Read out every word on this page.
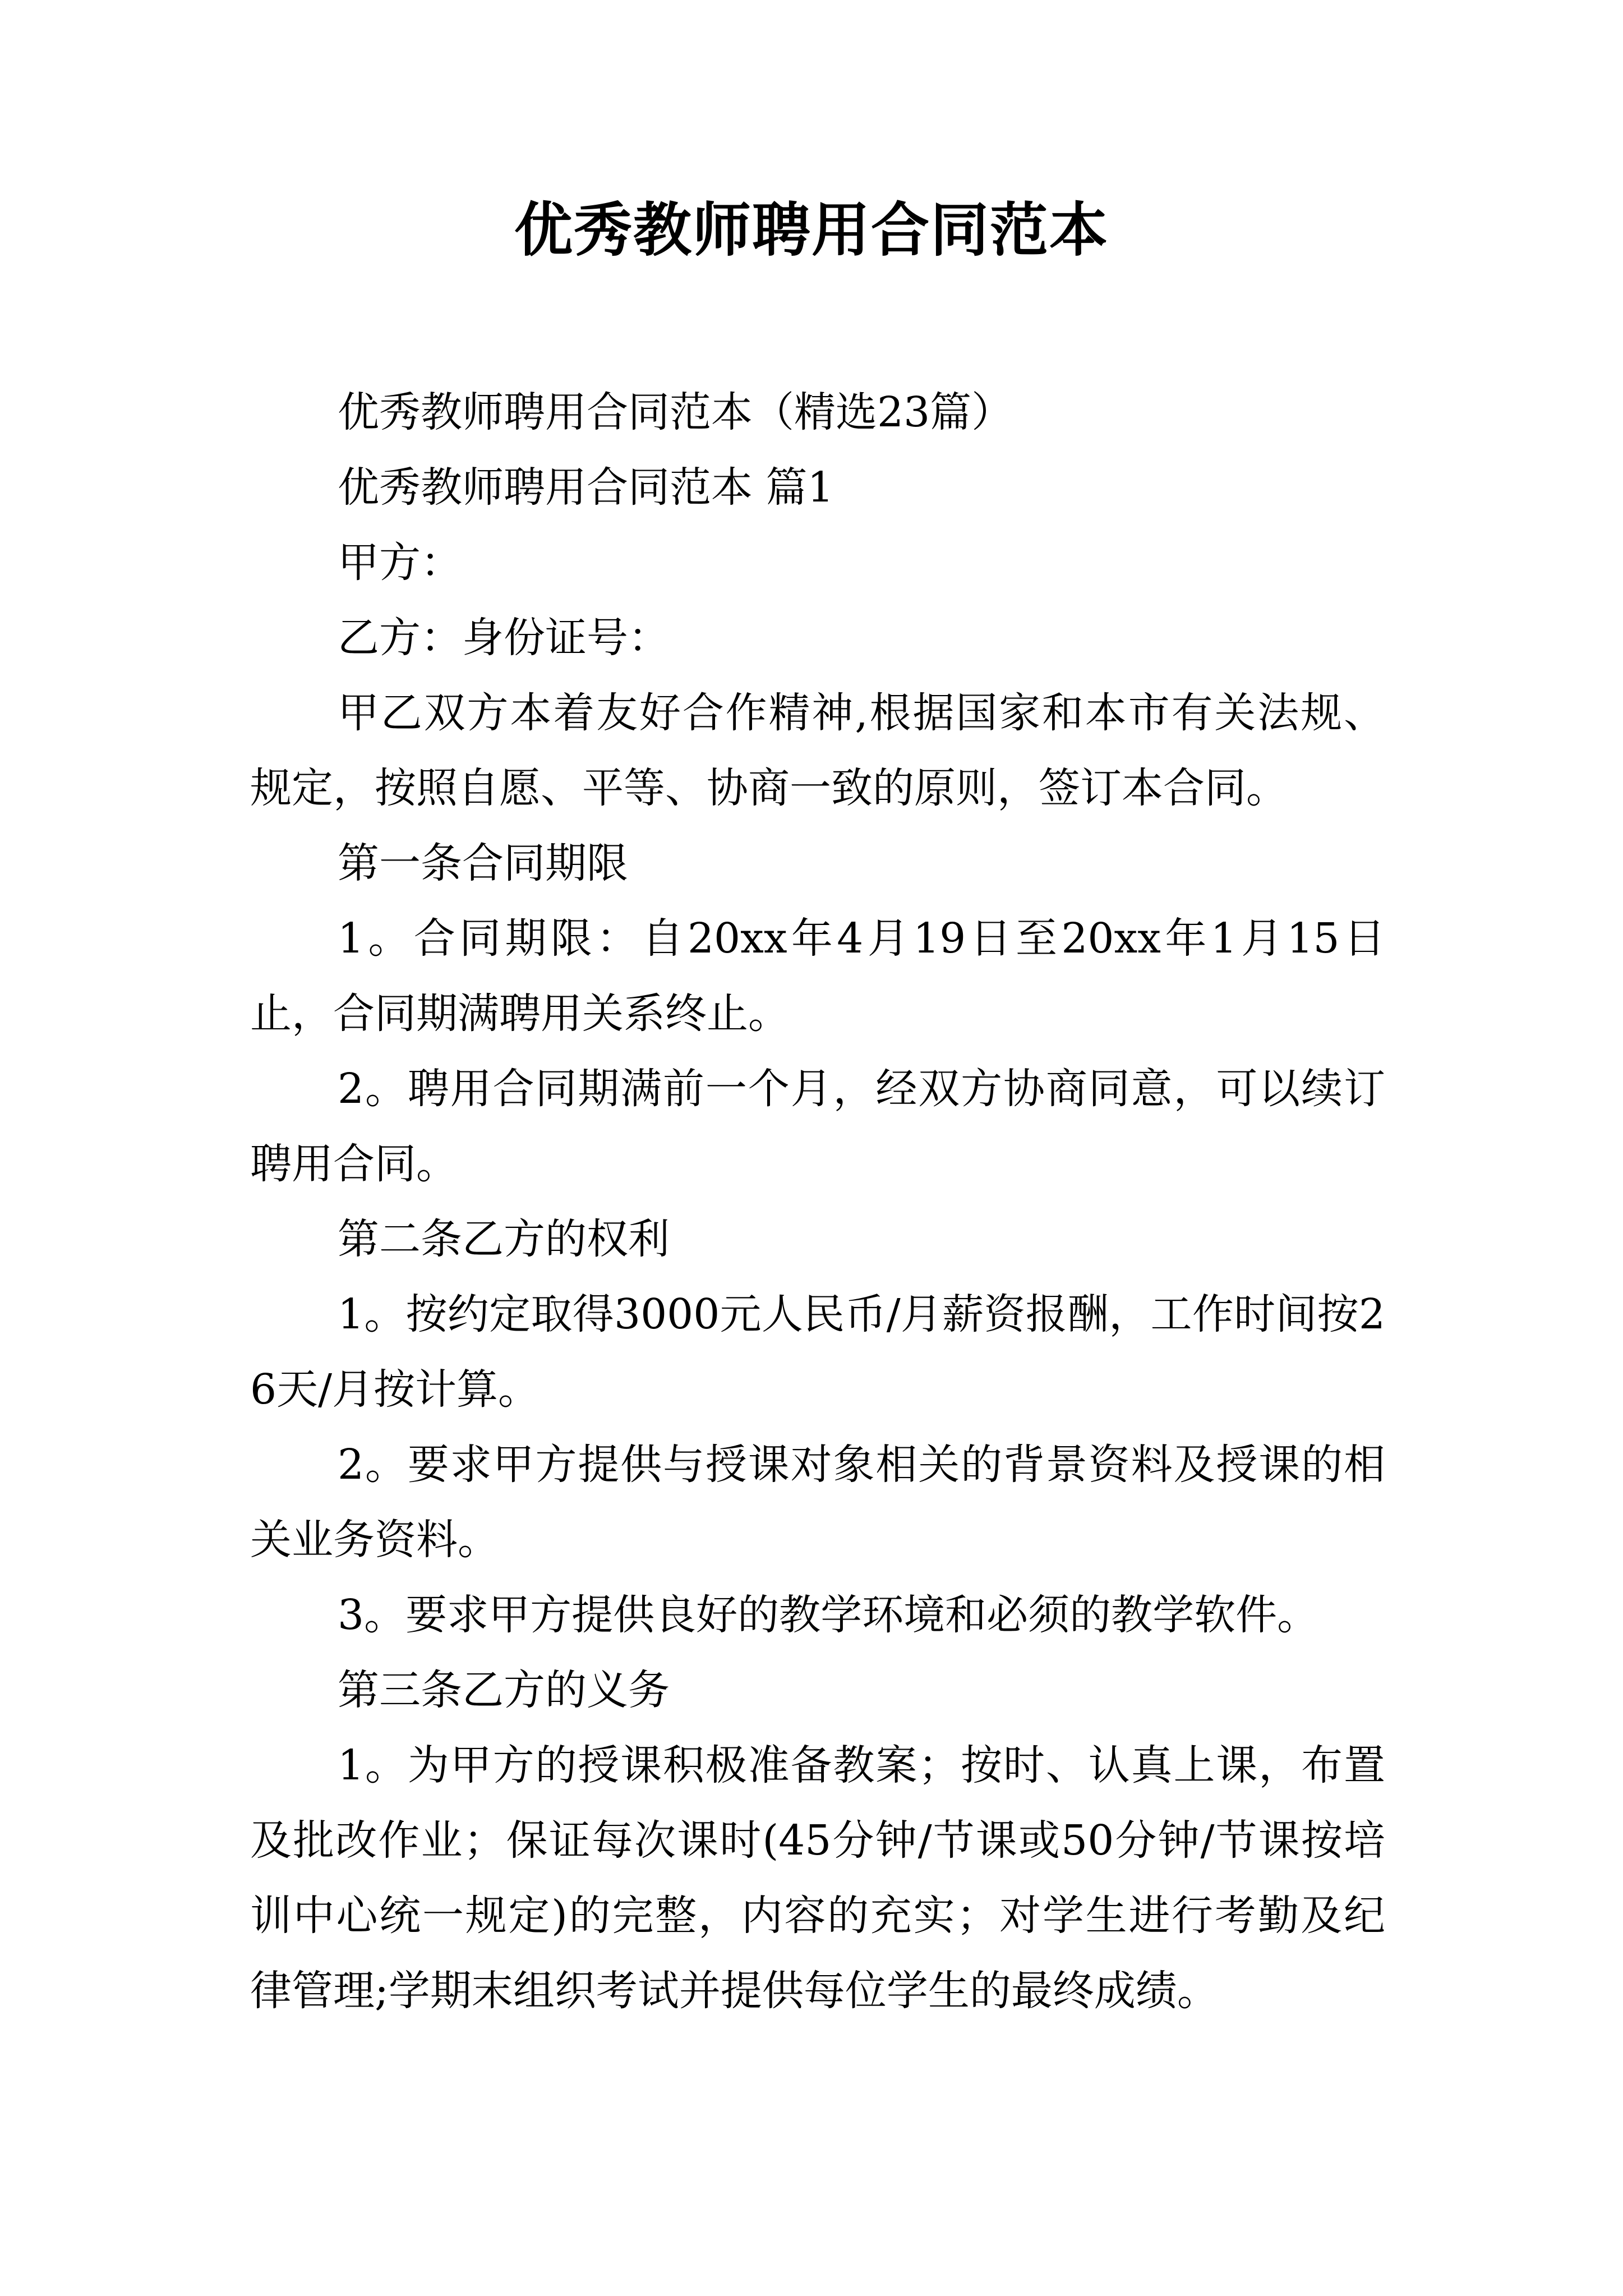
优秀教师聘用合同范本

优秀教师聘用合同范本（精选23篇）

优秀教师聘用合同范本 篇1

甲方：

乙方：身份证号：

甲乙双方本着友好合作精神,根据国家和本市有关法规、规定，按照自愿、平等、协商一致的原则，签订本合同。

第一条合同期限

1。合同期限：自20xx年4月19日至20xx年1月15日止，合同期满聘用关系终止。

2。聘用合同期满前一个月，经双方协商同意，可以续订聘用合同。

第二条乙方的权利

1。按约定取得3000元人民币/月薪资报酬，工作时间按26天/月按计算。

2。要求甲方提供与授课对象相关的背景资料及授课的相关业务资料。

3。要求甲方提供良好的教学环境和必须的教学软件。

第三条乙方的义务

1。为甲方的授课积极准备教案；按时、认真上课，布置及批改作业；保证每次课时(45分钟/节课或50分钟/节课按培训中心统一规定)的完整，内容的充实；对学生进行考勤及纪律管理;学期末组织考试并提供每位学生的最终成绩。
